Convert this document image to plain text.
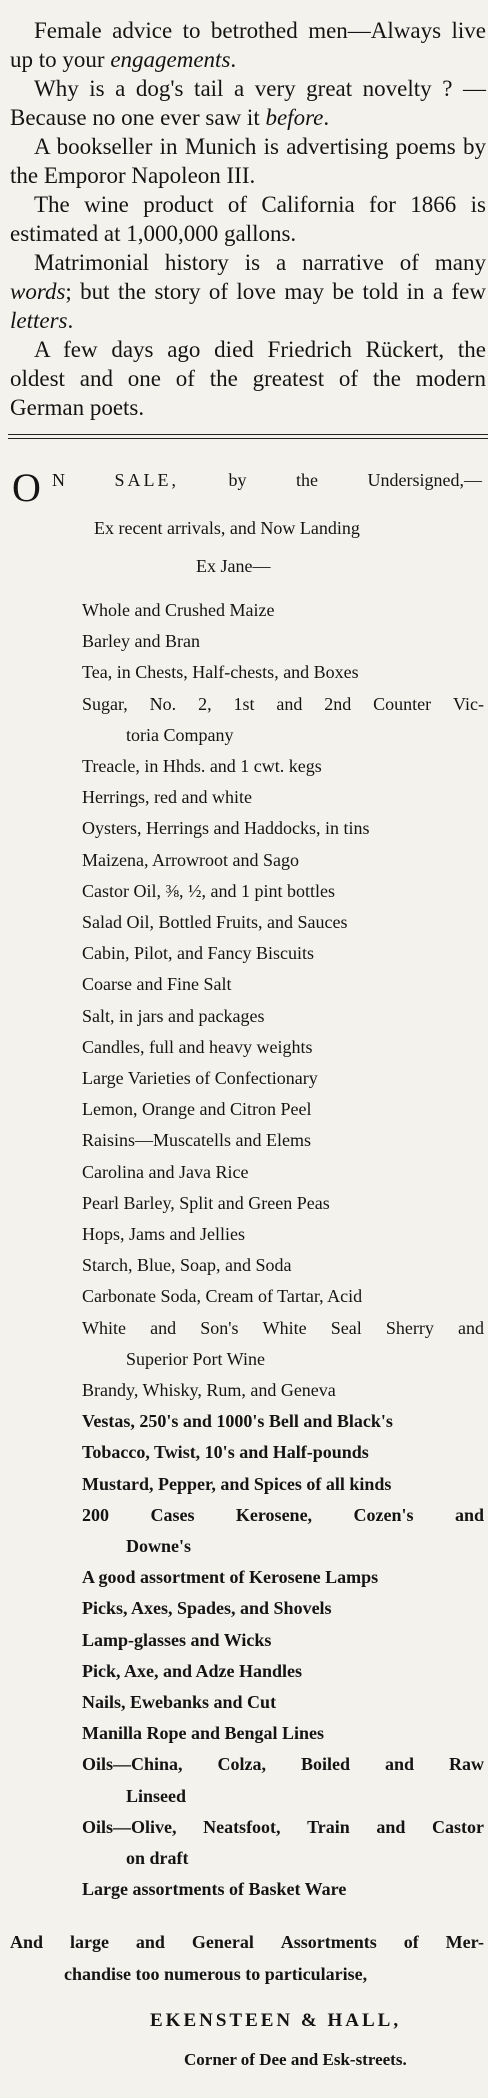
Female advice to betrothed men—Always live up to your engagements.

Why is a dog's tail a very great novelty ? — Because no one ever saw it before.

A bookseller in Munich is advertising poems by the Emporor Napoleon III.

The wine product of California for 1866 is estimated at 1,000,000 gallons.

Matrimonial history is a narrative of many words; but the story of love may be told in a few letters.

A few days ago died Friedrich Rückert, the oldest and one of the greatest of the modern German poets.

O N	SALE,	by	the	Undersigned,—
Ex recent arrivals, and Now Landing
Ex Jane—
Whole and Crushed Maize
Barley and Bran
Tea, in Chests, Half-chests, and Boxes
Sugar, No. 2, 1st and 2nd Counter Vic-
toria Company
Treacle, in Hhds. and 1 cwt. kegs
Herrings, red and white
Oysters, Herrings and Haddocks, in tins
Maizena, Arrowroot and Sago
Castor Oil, ⅜, ½, and 1 pint bottles
Salad Oil, Bottled Fruits, and Sauces
Cabin, Pilot, and Fancy Biscuits
Coarse and Fine Salt
Salt, in jars and packages
Candles, full and heavy weights
Large Varieties of Confectionary
Lemon, Orange and Citron Peel
Raisins—Muscatells and Elems
Carolina and Java Rice
Pearl Barley, Split and Green Peas
Hops, Jams and Jellies
Starch, Blue, Soap, and Soda
Carbonate Soda, Cream of Tartar, Acid
White and Son's White Seal Sherry and
Superior Port Wine
Brandy, Whisky, Rum, and Geneva
Vestas, 250's and 1000's Bell and Black's
Tobacco, Twist, 10's and Half-pounds
Mustard, Pepper, and Spices of all kinds
200 Cases Kerosene, Cozen's and
Downe's
A good assortment of Kerosene Lamps
Picks, Axes, Spades, and Shovels
Lamp-glasses and Wicks
Pick, Axe, and Adze Handles
Nails, Ewebanks and Cut
Manilla Rope and Bengal Lines
Oils—China, Colza, Boiled and Raw
Linseed
Oils—Olive, Neatsfoot, Train and Castor
on draft
Large assortments of Basket Ware
And large and General Assortments of Mer-
chandise too numerous to particularise,
EKENSTEEN & HALL,
Corner of Dee and Esk-streets.
